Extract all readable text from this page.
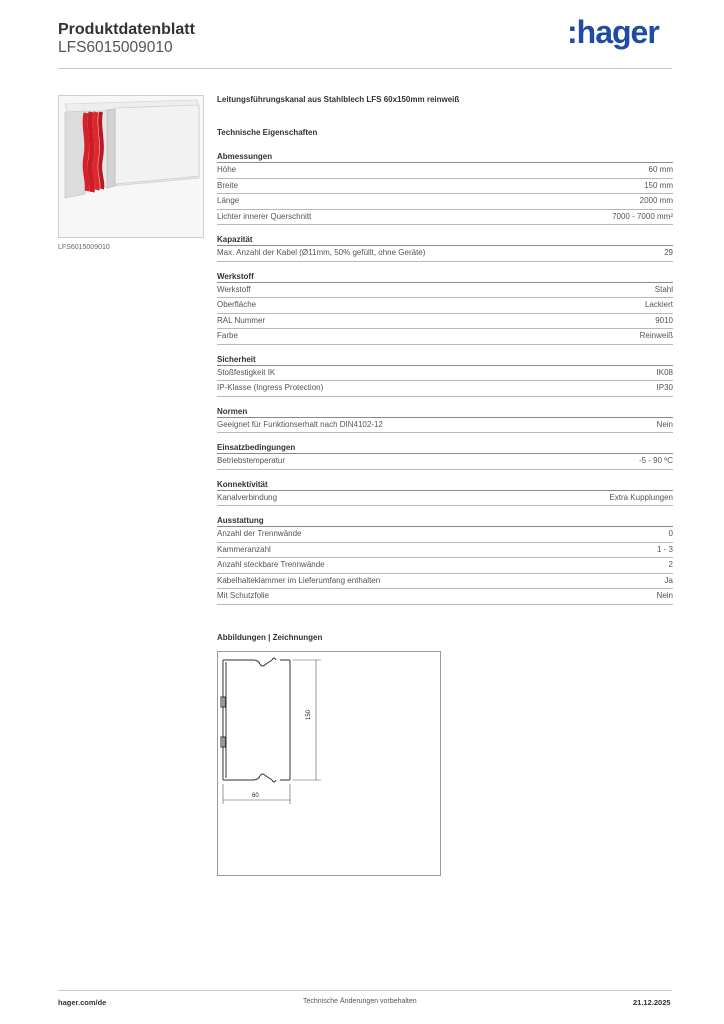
Produktdatenblatt
LFS6015009010	:hager
LFS6015009010
Leitungsführungskanal aus Stahlblech LFS 60x150mm reinweiß
Technische Eigenschaften
Abmessungen
Höhe	60 mm
Breite	150 mm
Länge	2000 mm
Lichter innerer Querschnitt	7000 - 7000 mm²
Kapazität
Max. Anzahl der Kabel (Ø11mm, 50% gefüllt, ohne Geräte)	29
Werkstoff
Werkstoff	Stahl
Oberfläche	Lackiert
RAL Nummer	9010
Farbe	Reinweiß
Sicherheit
Stoßfestigkeit IK	IK08
IP-Klasse (Ingress Protection)	IP30
Normen
Geeignet für Funktionserhalt nach DIN4102-12	Nein
Einsatzbedingungen
Betriebstemperatur	-5 - 90 ºC
Konnektivität
Kanalverbindung	Extra Kupplungen
Ausstattung
Anzahl der Trennwände	0
Kammeranzahl	1 - 3
Anzahl steckbare Trennwände	2
Kabelhalteklammer im Lieferumfang enthalten	Ja
Mit Schutzfolie	Nein
Abbildungen | Zeichnungen
150
60
hager.com/de	Technische Änderungen vorbehalten	21.12.2025
